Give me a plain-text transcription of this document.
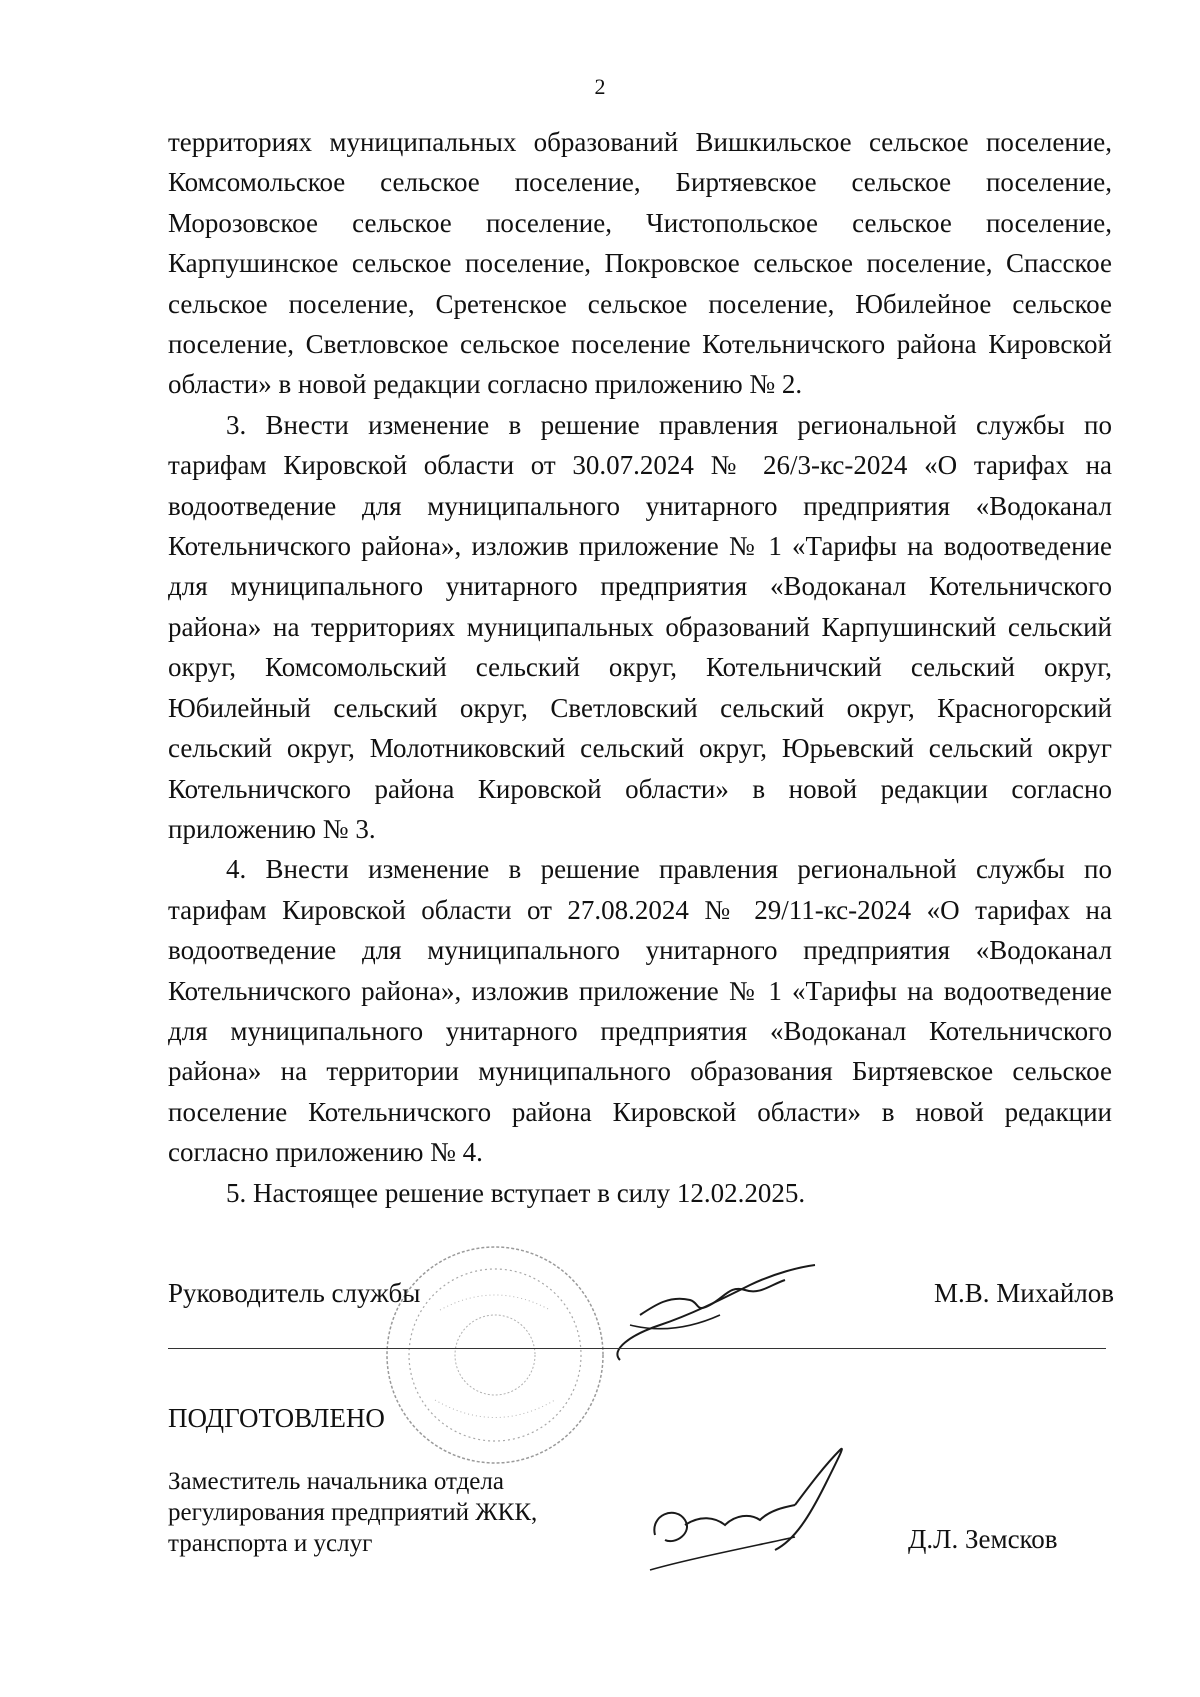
2

территориях муниципальных образований Вишкильское сельское поселение, Комсомольское сельское поселение, Биртяевское сельское поселение, Морозовское сельское поселение, Чистопольское сельское поселение, Карпушинское сельское поселение, Покровское сельское поселение, Спасское сельское поселение, Сретенское сельское поселение, Юбилейное сельское поселение, Светловское сельское поселение Котельничского района Кировской области» в новой редакции согласно приложению № 2.

3. Внести изменение в решение правления региональной службы по тарифам Кировской области от 30.07.2024 № 26/3-кс-2024 «О тарифах на водоотведение для муниципального унитарного предприятия «Водоканал Котельничского района», изложив приложение № 1 «Тарифы на водоотведение для муниципального унитарного предприятия «Водоканал Котельничского района» на территориях муниципальных образований Карпушинский сельский округ, Комсомольский сельский округ, Котельничский сельский округ, Юбилейный сельский округ, Светловский сельский округ, Красногорский сельский округ, Молотниковский сельский округ, Юрьевский сельский округ Котельничского района Кировской области» в новой редакции согласно приложению № 3.

4. Внести изменение в решение правления региональной службы по тарифам Кировской области от 27.08.2024 № 29/11-кс-2024 «О тарифах на водоотведение для муниципального унитарного предприятия «Водоканал Котельничского района», изложив приложение № 1 «Тарифы на водоотведение для муниципального унитарного предприятия «Водоканал Котельничского района» на территории муниципального образования Биртяевское сельское поселение Котельничского района Кировской области» в новой редакции согласно приложению № 4.

5. Настоящее решение вступает в силу 12.02.2025.

Руководитель службы	М.В. Михайлов
ПОДГОТОВЛЕНО
Заместитель начальника отдела
регулирования предприятий ЖКК,
транспорта и услуг	Д.Л. Земсков
